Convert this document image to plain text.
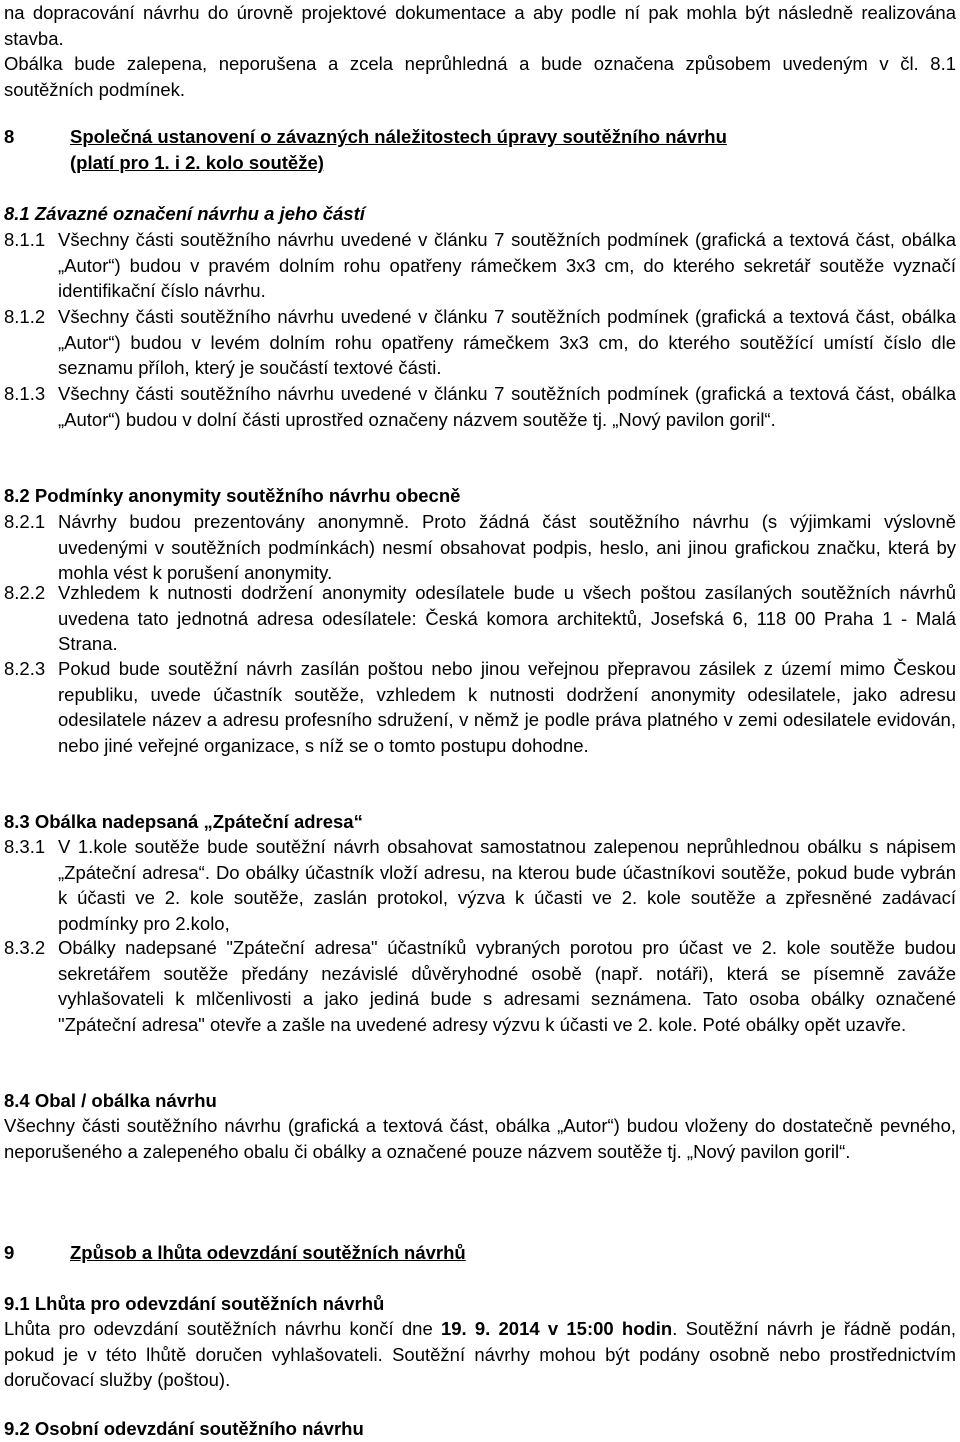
na dopracování návrhu do úrovně projektové dokumentace a aby podle ní pak mohla být následně realizována stavba.

Obálka bude zalepena, neporušena a zcela neprůhledná a bude označena způsobem uvedeným v čl. 8.1 soutěžních podmínek.

8	Společná ustanovení o závazných náležitostech úpravy soutěžního návrhu
(platí pro 1. i 2. kolo soutěže)
8.1 Závazné označení návrhu a jeho částí
8.1.1 Všechny části soutěžního návrhu uvedené v článku 7 soutěžních podmínek (grafická a textová část, obálka „Autor“) budou v pravém dolním rohu opatřeny rámečkem 3x3 cm, do kterého sekretář soutěže vyznačí identifikační číslo návrhu.

8.1.2 Všechny části soutěžního návrhu uvedené v článku 7 soutěžních podmínek (grafická a textová část, obálka „Autor“) budou v levém dolním rohu opatřeny rámečkem 3x3 cm, do kterého soutěžící umístí číslo dle seznamu příloh, který je součástí textové části.

8.1.3 Všechny části soutěžního návrhu uvedené v článku 7 soutěžních podmínek (grafická a textová část, obálka „Autor“) budou v dolní části uprostřed označeny názvem soutěže tj. „Nový pavilon goril“.

8.2 Podmínky anonymity soutěžního návrhu obecně
8.2.1 Návrhy budou prezentovány anonymně. Proto žádná část soutěžního návrhu (s výjimkami výslovně uvedenými v soutěžních podmínkách) nesmí obsahovat podpis, heslo, ani jinou grafickou značku, která by mohla vést k porušení anonymity.

8.2.2 Vzhledem k nutnosti dodržení anonymity odesílatele bude u všech poštou zasílaných soutěžních návrhů uvedena tato jednotná adresa odesílatele: Česká komora architektů, Josefská 6, 118 00 Praha 1 - Malá Strana.

8.2.3 Pokud bude soutěžní návrh zasílán poštou nebo jinou veřejnou přepravou zásilek z území mimo Českou republiku, uvede účastník soutěže, vzhledem k nutnosti dodržení anonymity odesilatele, jako adresu odesilatele název a adresu profesního sdružení, v němž je podle práva platného v zemi odesilatele evidován, nebo jiné veřejné organizace, s níž se o tomto postupu dohodne.

8.3 Obálka nadepsaná „Zpáteční adresa“
8.3.1 V 1.kole soutěže bude soutěžní návrh obsahovat samostatnou zalepenou neprůhlednou obálku s nápisem „Zpáteční adresa“. Do obálky účastník vloží adresu, na kterou bude účastníkovi soutěže, pokud bude vybrán k účasti ve 2. kole soutěže, zaslán protokol, výzva k účasti ve 2. kole soutěže a zpřesněné zadávací podmínky pro 2.kolo,

8.3.2 Obálky nadepsané "Zpáteční adresa" účastníků vybraných porotou pro účast ve 2. kole soutěže budou sekretářem soutěže předány nezávislé důvěryhodné osobě (např. notáři), která se písemně zaváže vyhlašovateli k mlčenlivosti a jako jediná bude s adresami seznámena. Tato osoba obálky označené "Zpáteční adresa" otevře a zašle na uvedené adresy výzvu k účasti ve 2. kole. Poté obálky opět uzavře.

8.4 Obal / obálka návrhu

Všechny části soutěžního návrhu (grafická a textová část, obálka „Autor“) budou vloženy do dostatečně pevného, neporušeného a zalepeného obalu či obálky a označené pouze názvem soutěže tj. „Nový pavilon goril“.

9	Způsob a lhůta odevzdání soutěžních návrhů
9.1 Lhůta pro odevzdání soutěžních návrhů

Lhůta pro odevzdání soutěžních návrhu končí dne 19. 9. 2014 v 15:00 hodin. Soutěžní návrh je řádně podán, pokud je v této lhůtě doručen vyhlašovateli. Soutěžní návrhy mohou být podány osobně nebo prostřednictvím doručovací služby (poštou).

9.2 Osobní odevzdání soutěžního návrhu
